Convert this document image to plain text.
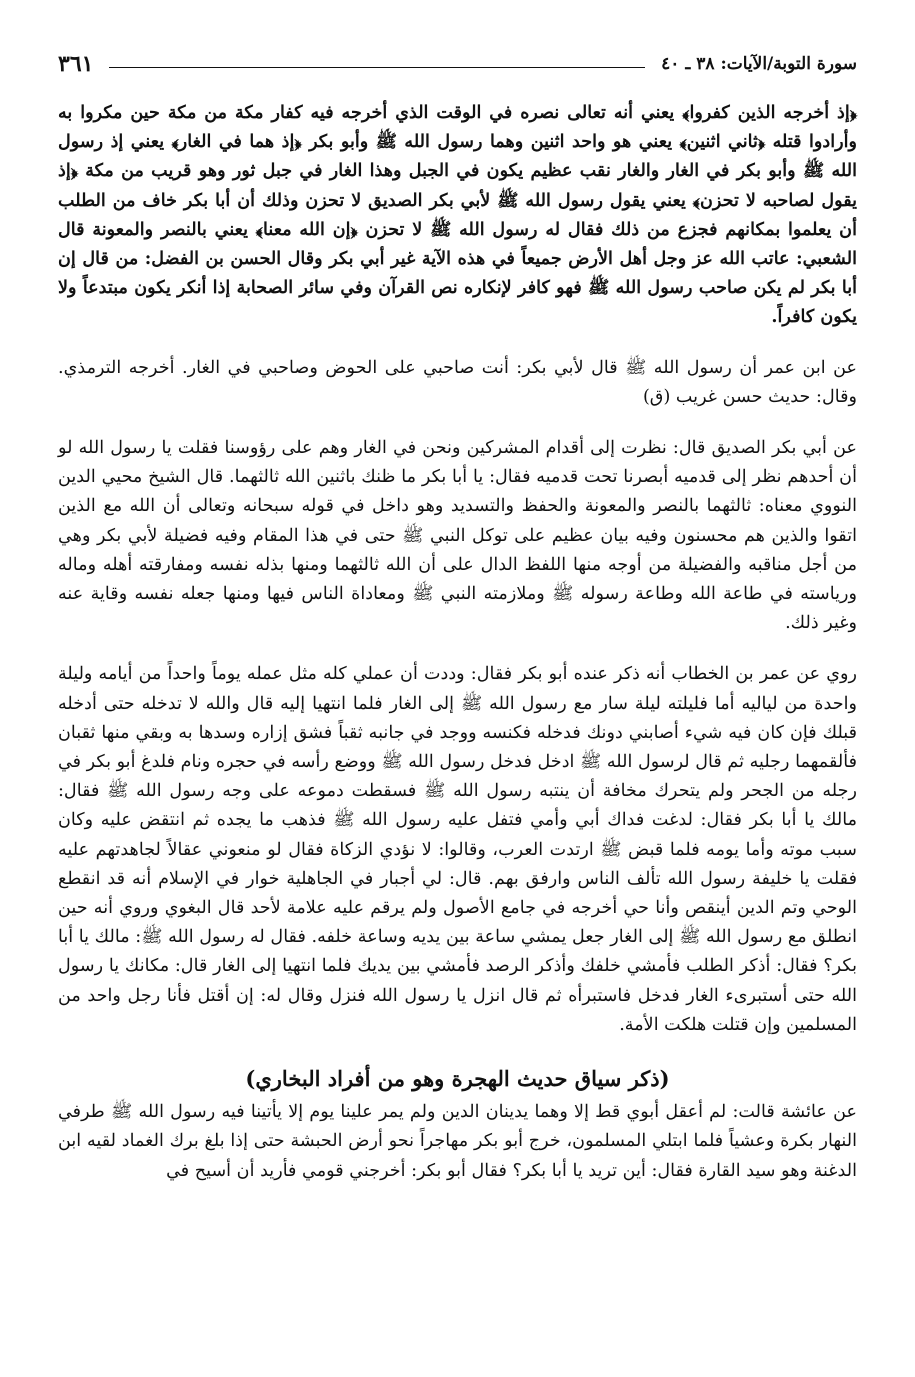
سورة التوبة/الآيات: ٣٨ ـ ٤٠
٣٦١

﴿إذ أخرجه الذين كفروا﴾ يعني أنه تعالى نصره في الوقت الذي أخرجه فيه كفار مكة من مكة حين مكروا به وأرادوا قتله ﴿ثاني اثنين﴾ يعني هو واحد اثنين وهما رسول الله ﷺ وأبو بكر ﴿إذ هما في الغار﴾ يعني إذ رسول الله ﷺ وأبو بكر في الغار والغار نقب عظيم يكون في الجبل وهذا الغار في جبل ثور وهو قريب من مكة ﴿إذ يقول لصاحبه لا تحزن﴾ يعني يقول رسول الله ﷺ لأبي بكر الصديق لا تحزن وذلك أن أبا بكر خاف من الطلب أن يعلموا بمكانهم فجزع من ذلك فقال له رسول الله ﷺ لا تحزن ﴿إن الله معنا﴾ يعني بالنصر والمعونة قال الشعبي: عاتب الله عز وجل أهل الأرض جميعاً في هذه الآية غير أبي بكر وقال الحسن بن الفضل: من قال إن أبا بكر لم يكن صاحب رسول الله ﷺ فهو كافر لإنكاره نص القرآن وفي سائر الصحابة إذا أنكر يكون مبتدعاً ولا يكون كافراً.

عن ابن عمر أن رسول الله ﷺ قال لأبي بكر: أنت صاحبي على الحوض وصاحبي في الغار. أخرجه الترمذي. وقال: حديث حسن غريب (ق)

عن أبي بكر الصديق قال: نظرت إلى أقدام المشركين ونحن في الغار وهم على رؤوسنا فقلت يا رسول الله لو أن أحدهم نظر إلى قدميه أبصرنا تحت قدميه فقال: يا أبا بكر ما ظنك باثنين الله ثالثهما. قال الشيخ محيي الدين النووي معناه: ثالثهما بالنصر والمعونة والحفظ والتسديد وهو داخل في قوله سبحانه وتعالى أن الله مع الذين اتقوا والذين هم محسنون وفيه بيان عظيم على توكل النبي ﷺ حتى في هذا المقام وفيه فضيلة لأبي بكر وهي من أجل مناقبه والفضيلة من أوجه منها اللفظ الدال على أن الله ثالثهما ومنها بذله نفسه ومفارقته أهله وماله ورياسته في طاعة الله وطاعة رسوله ﷺ وملازمته النبي ﷺ ومعاداة الناس فيها ومنها جعله نفسه وقاية عنه وغير ذلك.

روي عن عمر بن الخطاب أنه ذكر عنده أبو بكر فقال: وددت أن عملي كله مثل عمله يوماً واحداً من أيامه وليلة واحدة من لياليه أما فليلته ليلة سار مع رسول الله ﷺ إلى الغار فلما انتهيا إليه قال والله لا تدخله حتى أدخله قبلك فإن كان فيه شيء أصابني دونك فدخله فكنسه ووجد في جانبه ثقباً فشق إزاره وسدها به وبقي منها ثقبان فألقمهما رجليه ثم قال لرسول الله ﷺ ادخل فدخل رسول الله ﷺ ووضع رأسه في حجره ونام فلدغ أبو بكر في رجله من الجحر ولم يتحرك مخافة أن ينتبه رسول الله ﷺ فسقطت دموعه على وجه رسول الله ﷺ فقال: مالك يا أبا بكر فقال: لدغت فداك أبي وأمي فتفل عليه رسول الله ﷺ فذهب ما يجده ثم انتقض عليه وكان سبب موته وأما يومه فلما قبض ﷺ ارتدت العرب، وقالوا: لا نؤدي الزكاة فقال لو منعوني عقالاً لجاهدتهم عليه فقلت يا خليفة رسول الله تألف الناس وارفق بهم. قال: لي أجبار في الجاهلية خوار في الإسلام أنه قد انقطع الوحي وتم الدين أينقص وأنا حي أخرجه في جامع الأصول ولم يرقم عليه علامة لأحد قال البغوي وروي أنه حين انطلق مع رسول الله ﷺ إلى الغار جعل يمشي ساعة بين يديه وساعة خلفه. فقال له رسول الله ﷺ: مالك يا أبا بكر؟ فقال: أذكر الطلب فأمشي خلفك وأذكر الرصد فأمشي بين يديك فلما انتهيا إلى الغار قال: مكانك يا رسول الله حتى أستبرىء الغار فدخل فاستبرأه ثم قال انزل يا رسول الله فنزل وقال له: إن أقتل فأنا رجل واحد من المسلمين وإن قتلت هلكت الأمة.

(ذكر سياق حديث الهجرة وهو من أفراد البخاري)

عن عائشة قالت: لم أعقل أبوي قط إلا وهما يدينان الدين ولم يمر علينا يوم إلا يأتينا فيه رسول الله ﷺ طرفي النهار بكرة وعشياً فلما ابتلي المسلمون، خرج أبو بكر مهاجراً نحو أرض الحبشة حتى إذا بلغ برك الغماد لقيه ابن الدغنة وهو سيد القارة فقال: أين تريد يا أبا بكر؟ فقال أبو بكر: أخرجني قومي فأريد أن أسيح في
